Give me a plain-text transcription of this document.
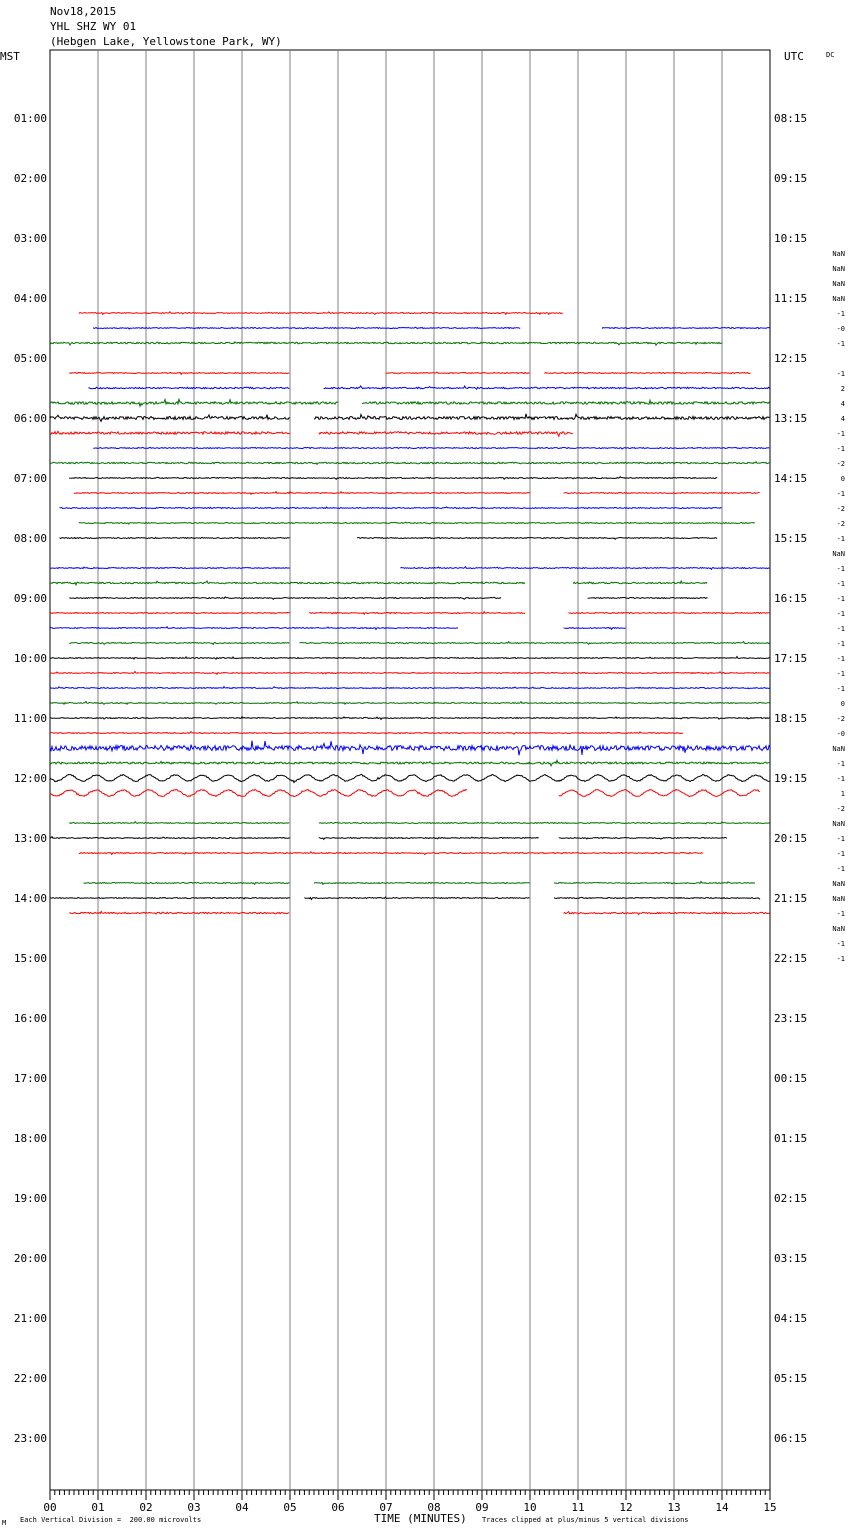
Nov18,2015
YHL SHZ WY 01
(Hebgen Lake, Yellowstone Park, WY)
MST	UTC	DC
00	01	02	03	04	05	06	07	08	09	10	11	12	13	14	15
01:00
02:00
03:00
04:00
05:00
06:00
07:00
08:00
09:00
10:00
11:00
12:00
13:00
14:00
15:00
16:00
17:00
18:00
19:00
20:00
21:00
22:00
23:00
08:15
09:15
10:15
11:15
12:15
13:15
14:15
15:15
16:15
17:15
18:15
19:15
20:15
21:15
22:15
23:15
00:15
01:15
02:15
03:15
04:15
05:15
06:15
NaN
NaN
NaN
NaN
-1
-0
-1
-1
2
4
4
-1
-1
-2
0
-1
-2
-2
-1
NaN
-1
-1
-1
-1
-1
-1
-1
-1
-1
0
-2
-0
NaN
-1
-1
1
-2
NaN
-1
-1
-1
NaN
NaN
-1
NaN
-1
-1
TIME (MINUTES)
Each Vertical Division =  200.00 microvolts	Traces clipped at plus/minus 5 vertical divisions
M
